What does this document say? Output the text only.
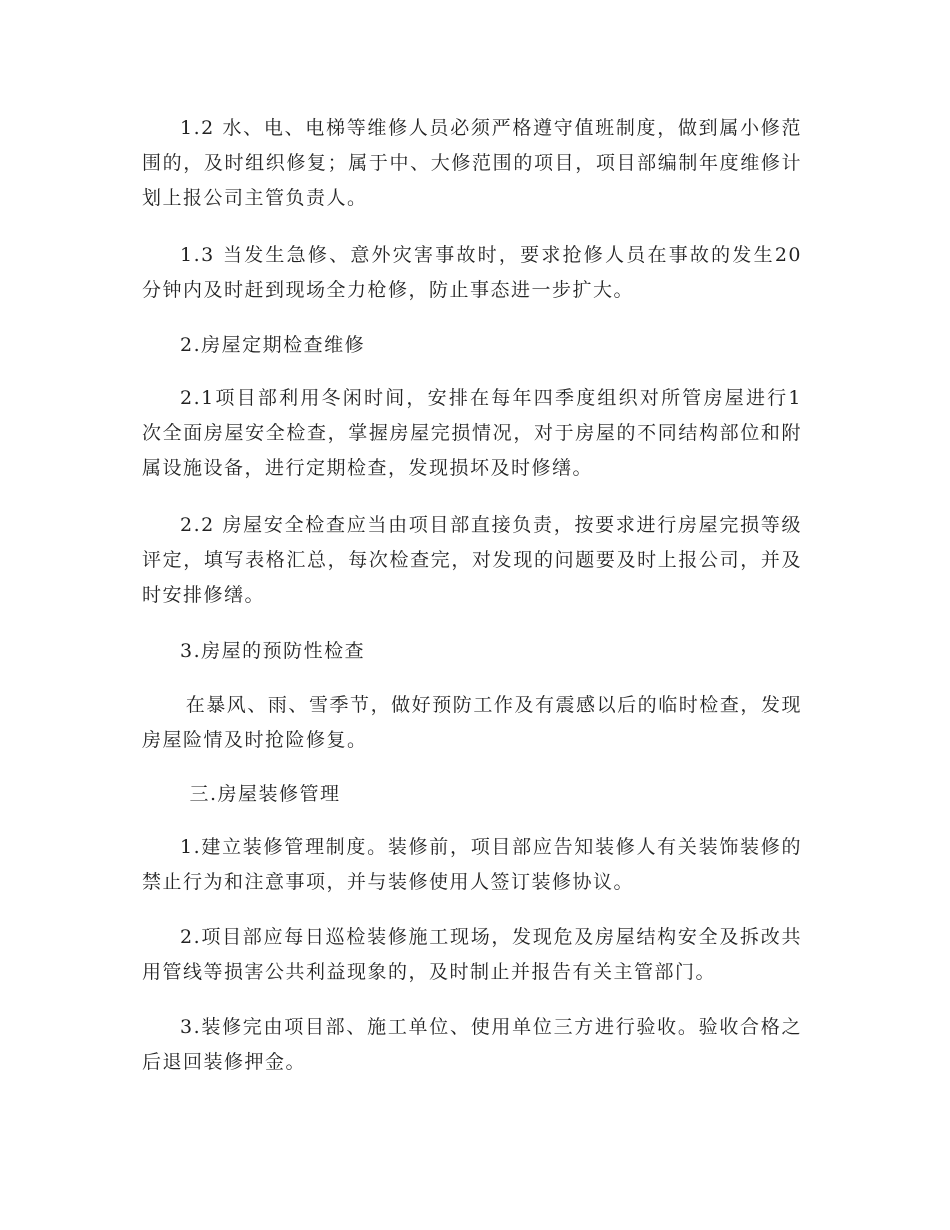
1.2 水、电、电梯等维修人员必须严格遵守值班制度，做到属小修范围的，及时组织修复；属于中、大修范围的项目，项目部编制年度维修计划上报公司主管负责人。

1.3 当发生急修、意外灾害事故时，要求抢修人员在事故的发生20分钟内及时赶到现场全力枪修，防止事态进一步扩大。

2.房屋定期检查维修

2.1项目部利用冬闲时间，安排在每年四季度组织对所管房屋进行1次全面房屋安全检查，掌握房屋完损情况，对于房屋的不同结构部位和附属设施设备，进行定期检查，发现损坏及时修缮。

2.2 房屋安全检查应当由项目部直接负责，按要求进行房屋完损等级评定，填写表格汇总，每次检查完，对发现的问题要及时上报公司，并及时安排修缮。

3.房屋的预防性检查

在暴风、雨、雪季节，做好预防工作及有震感以后的临时检查，发现房屋险情及时抢险修复。

三.房屋装修管理

1.建立装修管理制度。装修前，项目部应告知装修人有关装饰装修的禁止行为和注意事项，并与装修使用人签订装修协议。

2.项目部应每日巡检装修施工现场，发现危及房屋结构安全及拆改共用管线等损害公共利益现象的，及时制止并报告有关主管部门。

3.装修完由项目部、施工单位、使用单位三方进行验收。验收合格之后退回装修押金。
